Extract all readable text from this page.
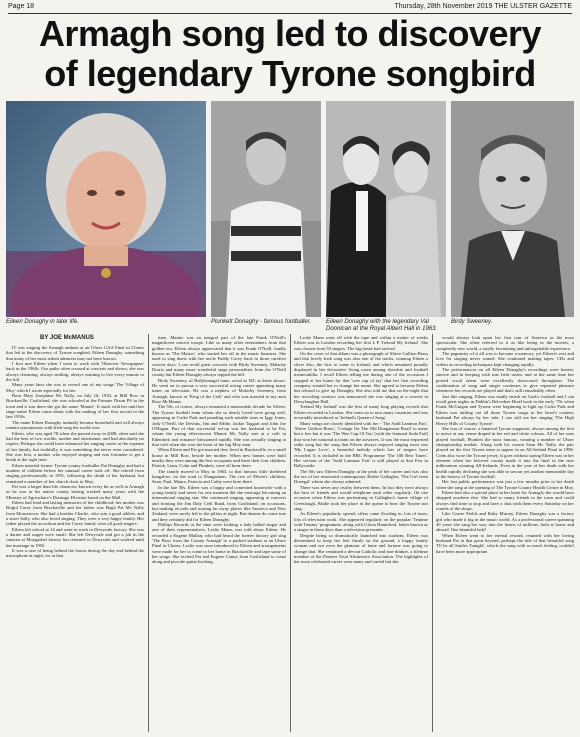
Page 18	Thursday, 28th November 2019 THE ULSTER GAZETTE
Armagh song led to discovery
of legendary Tyrone songbird
Eileen Donaghy in later life.	Plunkett Donaghy - famous footballer.	Eileen Donaghy with the legendary Val Doonican at the Royal Albert Hall in 1963.
Birdy Sweeney.
BY JOE McMANUS

IT was singing the Armagh anthem at an Ulster GAA Final in Clones that led to the discovery of Tyrone songbird, Eileen Donaghy, something that many of her most ardent admirers may not have known.

I first met Eileen when I went to work with 'Observer Newspapers' back in the 1960s. Our paths often crossed at concerts and shows; she was always charming, always smiling, always wanting to live every minute to the full.

Many years later she was to record one of my songs 'The Village of Moy' which I wrote especially for her.

Born Mary Josephine Mc Nally, on July 16, 1930, at Mill Row in Brackaville, Coalisland, she was schooled at the Primate Dixon PS in the town and it was there she got the name 'Mamie'. It stuck with her until her stage name Eileen came about with the making of her first record in the late 1950s.

The name Eileen Donaghy instantly became household and will always remain synonymous with Irish song the world over.

Eileen, who was aged 78 when she passed away in 2008, often said she had the best of two worlds, mother and entertainer, and had absolutely no regrets. Perhaps she could have enhanced her singing career at the expense of her family, but truthfully, it was something she never even considered. She was first, a mother who enjoyed singing and was fortunate to get a break at the right time.

Eileen married former Tyrone county footballer Pat Donaghy and had a number of children before her unusual career took off. She retired from singing professionally in 1991, following the death of her husband, but remained a member of her church choir in Moy.

Pat was a larger than life character, known every bit as well in Armagh as he was in his native county having worked many years with the Ministry of Agriculture's Drainage Division based on the Mall.

Eileen had fond and lasting memories of her childhood; her mother was Brigid Corey from Brackaville and her father was Hugh Pat Mc Nally from Mousetown. She had a brother Charlie, who was a good athlete, and a sister Sally, who also loved singing. They were a very happy family. Her father played the accordion and the Corey family were all good singers.

Eileen left school at 14 and went to work in Derryvale factory. She was a darner and wages were small. She left Derryvale and got a job in the canteen at Moygashel factory but returned to Derryvale and worked until her marriage in 1956.

It was a case of being behind the looms during the day and behind the microphone at night, for at that

time, Mamie was an integral part of the late Frank O'Neill's magnificent concert troupe. Like so many other entertainers from that golden era, Eileen always appreciated that it was Frank O'Neill, fondly known as 'The Master', who started her off in the music business. She used to sing duets with her uncle Paddy Corey back in those carefree concert days. I can recall great concerts with Birdy Sweeney, Malachy Dorris and many more wonderful stage personalities from the O'Neill county but Eileen Donaghy always topped the bill.

Birdy Sweeney, of Ballyhonagel fame, acted as MC at those shows. He went on to pursue a very successful acting career appearing many times on television. He was a nephew of Malachy Sweeney, from Armagh, known as 'King of the Ceili' and who was married to my aunt Rose McManus.

The 50s, of course, always remained a memorable decade for Eileen. The Tyrone football team whom she so dearly loved were going well, appearing in Croke Park and parading such notable stars as Iggy Jones, Jody O'Neill, the Devlins, Jim and Eddie, Jackie Taggart and John Joe O'Hagan. Part of that successful set-up was her husband to be Pat, whom the young effervescent Mamie Mc Nally met at a ceili in Edendork and romance blossomed rapidly. She was actually singing at that ceili when she won the heart of the big Moy man.

When Eileen and Pat got married they lived in Brackaville, in a small house in Mill Row, beside her mother. When new homes were built nearby they were among the first occupants and there their four children, Patrick, Liam, Colm and Plunkett, were all born there.

The family moved to Moy in 1963, to that famous little sheltered bungalow, on the road to Dungannon. The rest of Eileen's children, Sean, Paul, Maura, Patricia and Cathy were born there.

In the late 50s, Eileen was a happy and contented housewife with a young family and never for one moment did she envisage becoming an international singing star. She continued singing, appearing at concerts and fronting the Jim Daly Ceili Band, from Coalisland, on occasions, but making records and touring far away places like America and New Zealand, were surely left to the pillars at night. But dreams do come true and they certainly did for Eileen Donaghy.

Phillips Records at the time were looking a lady ballad singer and one of their representatives, Leslie Mann, was told about Eileen. He recorded a Eugene Mullan, who had heard the former factory girl sing 'The Boys from the County Armagh' to a packed stadium at an Ulster Final in Clones. Leslie was soon introduced to Eileen and arrangements were made for her to come to her home in Brackaville and tape some of her songs. She invited Pat and Eugene Canny from Coalisland to come along and provide guitar backing.

Leslie Mann went off with the tape and within a matter of weeks Eileen was in London recording her first L.P. 'Ireland My Ireland'. She was chosen from 50 singers. The big break had arrived.

On the cover of that album was a photograph of Slieve Gullion Brass and that lovely Irish song was also one of the tracks, winning Eileen a silver disc, the first to come to Ireland, and which remained proudly displayed in her decorative living room among showbiz and football memorabilia. I recall Eileen telling me during one of the occasions I stopped at her home for that 'wee cup of tay' that her first recording company wanted her to change her name. She agreed to become Eileen but refused to give up Donaghy. She also told me that on the night that her recording contract was announced she was singing at a concert in Derrylaughan Hall.

'Ireland My Ireland' was the first of many long playing records that Eileen recorded in London. She went on to tour many countries and was invariably introduced as 'Ireland's Queen of Song'.

Many songs are closely identified with her - 'The Auld Lammas Fair', 'Slieve Gullion Braes', 'Cottage On The Old Dungannon Road' to name but a few but it was 'The Wee Cup Of Tay' (with the featured Soda Farl) that won her national acclaim on the airwaves. It was the most requested radio song but the song that Eileen always enjoyed singing most was 'My Lagan Love', a beautiful melody which lots of singers have recorded. It is included in the BBC Programme 'The 100 Best Tunes'. Her version of the 'Auld Lammas Fair' is still played at that Fair in Ballycastle.

The 60s saw Eileen Donaghy at the peak of her career and was also the era of her renowned contemporary Bridie Gallagher, 'The Girl from Donegal' whom she always admired.

There was never any rivalry between them. In fact they were always the best of friends and would telephone each other regularly. On one occasion when Eileen was performing in Gallagher's home village of Creeslough, Bridie took her place in the queue to hear the Tyrone star sing.

As Eileen's popularity spread, offers came flooding in, lots of tours, lots of television work. She appeared regularly on the popular 'Teatime with Tommy' programme, along with Gloria Hunniford, better known as a singer in those days than a television presenter.

Despite being so dramatically launched into stardom, Eileen was determined to keep her feet firmly on the ground, a happy family woman and not even the glamour of fame and fortune was going to change that. She remained a devout Catholic and non-drinker, a lifetime member of the Pioneer Total Abstinence Association. The highlights of her most celebrated career were many and varied but she

would always look upon her first tour of America as the most spectacular. She often referred to it as like being in the movies, a completely new world, a totally fascinating and unforgettable experience.

The pageantry of it all was to become a memory, yet Eileen's zest and love for singing never waned. She continued making tapes, CDs and videos as recording techniques kept changing rapidly.

The performances on all Eileen Donaghy's recordings were honest, sincere and in keeping with true Irish tastes; and at the same time her poised vocal talent were excellently showcased throughout. The combination of song and singer continues to give repeated pleasure whenever her records are played and that's still remarkably often.

Just like singing, Eileen was madly struck on Gaelic football and I can recall great nights in Dublin's Belvedere Hotel back in the early '70s when Frank McGuigan and Tyrone were beginning to light up Croke Park and Eileen was rattling out all those Tyrone songs to her heart's content, husband Pat always by her side. I can still see her singing 'The High Heavy Hills of County Tyrone'.

She was of course, a fanatical Tyrone supporter, always among the first to arrive at any venue draped in her red and white colours. All of her sons played football, Plunkett the most famous, winning a number of Ulster championship medals. Along with his cousin Sean Mc Nally, the pair played on the first Tyrone team to appear in an All-Ireland Final in 1986. Colm also wore the Tyrone jersey. It goes without saying Eileen was in her element when her beloved county made it into the final in the new millennium winning All-Irelands. Even in the year of her death with her health rapidly declining she was able to savour yet another memorable day in the history of Tyrone football.

Her last public performance was just a few months prior to her death when she sang at the opening of The Tyrone County Health Centre in Moy.

Eileen had also a special place in her heart for Armagh; she would have shopped nowhere else. She had so many friends in the town and could always find time to stop and have a chat with them every Saturday on her rounds of the shops.

Like Gracie Fields and Ruby Murray, Eileen Donaghy was a factory girl who made it big in the music world. As a professional career spanning 40 years she sang her way into the hearts of millions, both at home and abroad. One beautiful lady!

When Eileen went to her eternal reward, reunited with her loving husband Pat in that great beyond, perhaps the title of that beautiful song 'I'll be all Smiles Tonight', which she sang with so much feeling, couldn't have been more appropriate.
